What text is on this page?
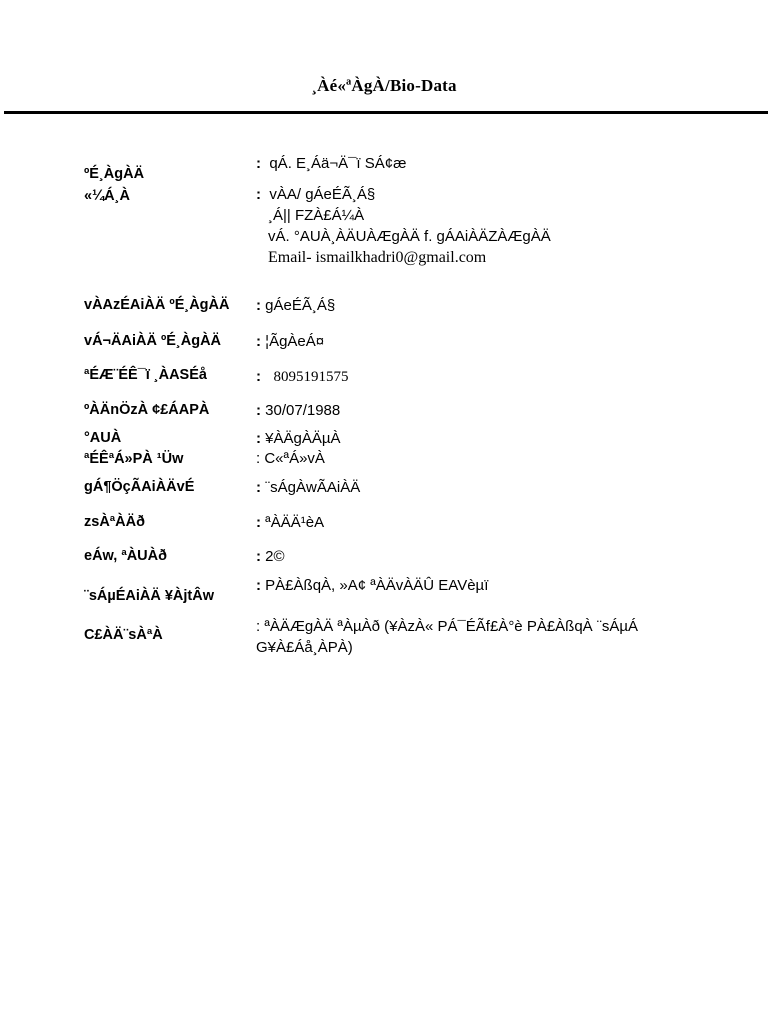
¸Àé«ªÀgÀ/Bio-Data
ºÉ¸ÀgÀÄ
:  qÁ. E¸Áä¬Ä¯ï SÁ¢æ
«¼Á¸À	:  vÀA/ gÁeÉÃ¸Á§
¸Á|| FZÀ£Á¼À
vÁ. °AUÀ¸ÀÄUÀÆgÀÄ f. gÁAiÀÄZÀÆgÀÄ
Email- ismailkhadri0@gmail.com
vÀAzÉAiÀÄ ºÉ¸ÀgÀÄ : gÁeÉÃ¸Á§
vÁ¬ÄAiÀÄ ºÉ¸ÀgÀÄ : ¦ÃgÀeÁ¤
ªÉÆ¨ÉÊ¯ï ¸ÀASÉå	:   8095191575
ºÀÄnÖzÀ ¢£ÁAPÀ	: 30/07/1988
°AUÀ	: ¥ÀÄgÀÄµÀ
ªÉÊªÁ»PÀ ¹Üw	: C«ªÁ»vÀ
gÁ¶ÖçÃAiÀÄvÉ	: ¨sÁgÀwÃAiÀÄ
zsÀªÀÄð	: ªÀÄÄ¹èA
eÁw, ªÀUÀð	: 2©
¨sÁµÉAiÀÄ ¥ÀjtÂw
: PÀ£ÀßqÀ, »A¢ ªÀÄvÀÄÛ EAVèµï
C£ÀÄ¨sÀªÀ	: ªÀÄÆgÀÄ ªÀµÀð (¥ÀzÀ« PÁ¯ÉÃf£À°è PÀ£ÀßqÀ ¨sÁµÁ G¥À£Áå¸ÀPÀ)
